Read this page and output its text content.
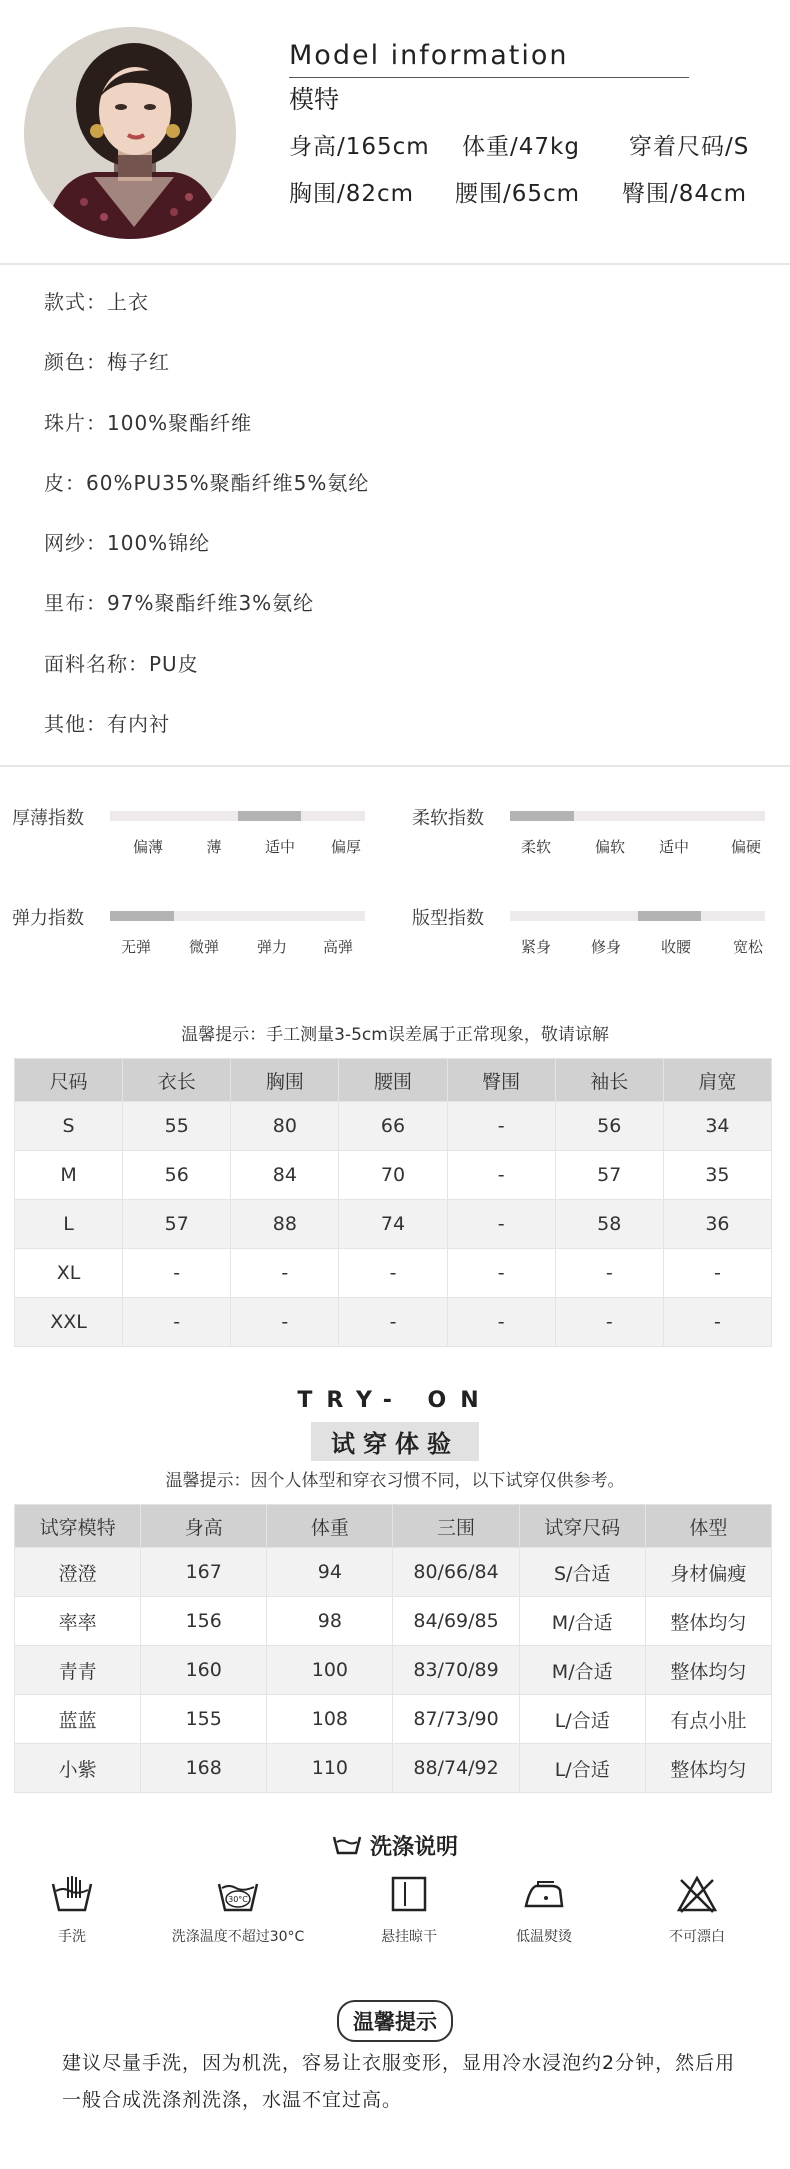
Model information
模特
身高/165cm 体重/47kg 穿着尺码/S
胸围/82cm 腰围/65cm 臀围/84cm
款式：上衣
颜色：梅子红
珠片：100%聚酯纤维
皮：60%PU35%聚酯纤维5%氨纶
网纱：100%锦纶
里布：97%聚酯纤维3%氨纶
面料名称：PU皮
其他：有内衬
厚薄指数
偏薄	薄	适中 偏厚
柔软指数
柔软	偏软 适中	偏硬
弹力指数
无弹	微弹	弹力 高弹
版型指数
紧身	修身	收腰	宽松
温馨提示：手工测量3-5cm误差属于正常现象，敬请谅解
尺码	衣长	胸围	腰围	臀围	袖长	肩宽
S	55	80	66	-	56	34
M	56	84	70	-	57	35
L	57	88	74	-	58	36
XL	-	-	-	-	-	-
XXL	-	-	-	-	-	-
TRY- ON
试穿体验
温馨提示：因个人体型和穿衣习惯不同，以下试穿仅供参考。
试穿模特	身高	体重	三围	试穿尺码	体型
澄澄	167	94	80/66/84	S/合适	身材偏瘦
率率	156	98	84/69/85	M/合适	整体均匀
青青	160	100	83/70/89	M/合适	整体均匀
蓝蓝	155	108	87/73/90	L/合适	有点小肚
小紫	168	110	88/74/92	L/合适	整体均匀
洗涤说明
手洗
30°C
洗涤温度不超过30°C	悬挂晾干	低温熨烫	不可漂白
温馨提示
建议尽量手洗，因为机洗，容易让衣服变形，显用冷水浸泡约2分钟，然后用一般合成洗涤剂洗涤，水温不宜过高。
